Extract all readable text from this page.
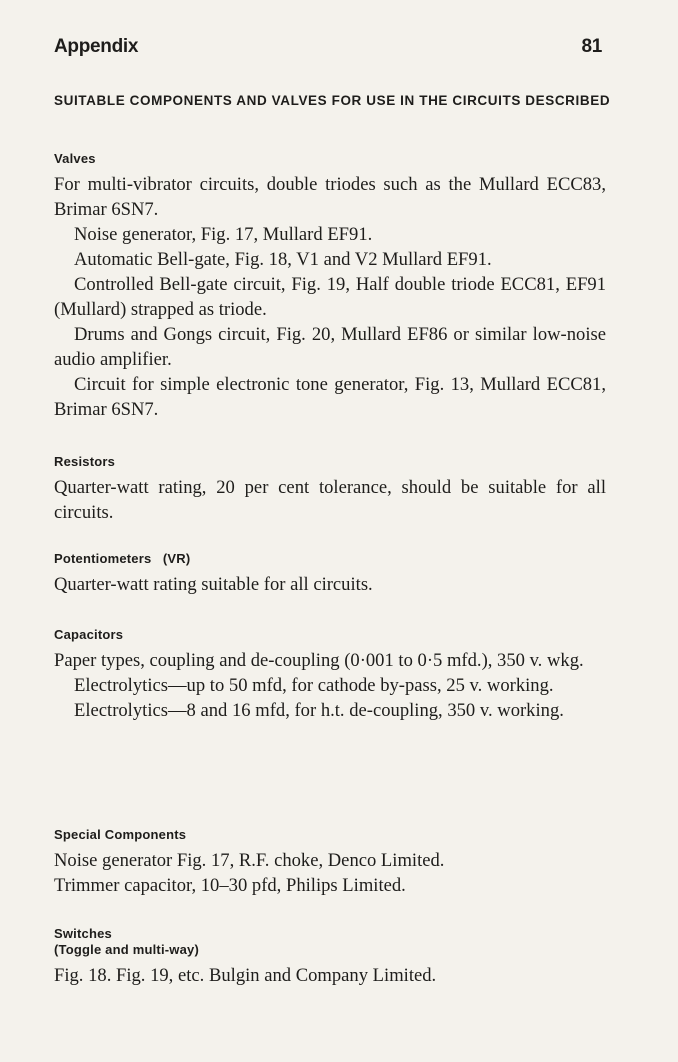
Appendix	81
SUITABLE COMPONENTS AND VALVES FOR USE IN THE CIRCUITS DESCRIBED
Valves

For multi-vibrator circuits, double triodes such as the Mullard ECC83, Brimar 6SN7.

Noise generator, Fig. 17, Mullard EF91.

Automatic Bell-gate, Fig. 18, V1 and V2 Mullard EF91.

Controlled Bell-gate circuit, Fig. 19, Half double triode ECC81, EF91 (Mullard) strapped as triode.

Drums and Gongs circuit, Fig. 20, Mullard EF86 or similar low-noise audio amplifier.

Circuit for simple electronic tone generator, Fig. 13, Mullard ECC81, Brimar 6SN7.

Resistors

Quarter-watt rating, 20 per cent tolerance, should be suitable for all circuits.

Potentiometers (VR)

Quarter-watt rating suitable for all circuits.

Capacitors

Paper types, coupling and de-coupling (0·001 to 0·5 mfd.), 350 v. wkg.

Electrolytics—up to 50 mfd, for cathode by-pass, 25 v. working.

Electrolytics—8 and 16 mfd, for h.t. de-coupling, 350 v. working.

Special Components

Noise generator Fig. 17, R.F. choke, Denco Limited.

Trimmer capacitor, 10–30 pfd, Philips Limited.

Switches
(Toggle and multi-way)

Fig. 18. Fig. 19, etc. Bulgin and Company Limited.
